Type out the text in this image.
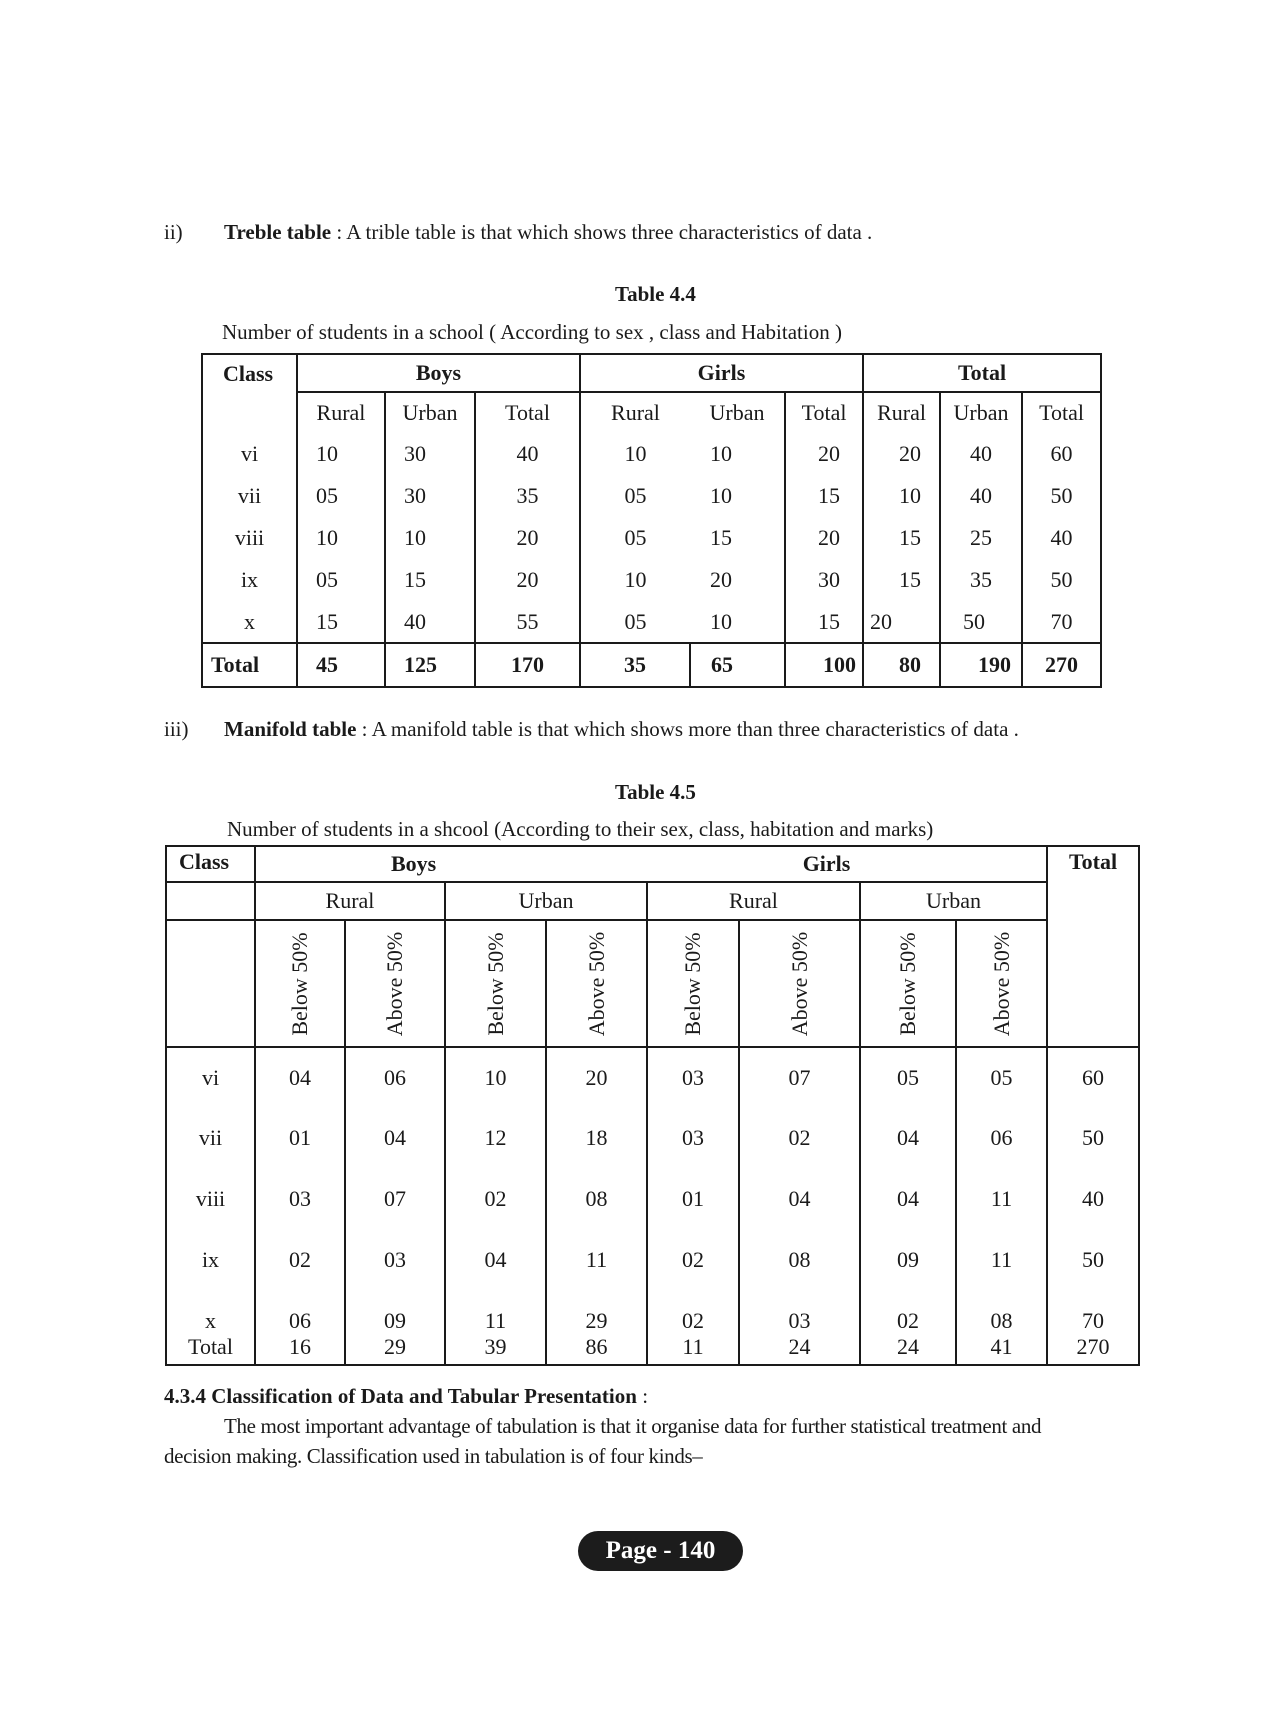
ii) Treble table : A trible table is that which shows three characteristics of data .
Table 4.4
Number of students in a school ( According to sex , class and Habitation )
Class	Boys			Girls			Total		
	Rural	Urban	Total	Rural	Urban	Total	Rural	Urban	Total
vi	10	30	40	10	10	20	20	40	60
vii	05	30	35	05	10	15	10	40	50
viii	10	10	20	05	15	20	15	25	40
ix	05	15	20	10	20	30	15	35	50
x	15	40	55	05	10	15	20	50	70
Total	45	125	170	35	65	100	80	190	270
iii) Manifold table : A manifold table is that which shows more than three characteristics of data .
Table 4.5
Number of students in a shcool (According to their sex, class, habitation and marks)
Class	Boys				Girls				Total
	Rural		Urban		Rural		Urban		

	Below 50%	Above 50%	Below 50%	Above 50%	Below 50%	Above 50%	Below 50%	Above 50%	

vi	04	06	10	20	03	07	05	05	60
vii	01	04	12	18	03	02	04	06	50
viii	03	07	02	08	01	04	04	11	40
ix	02	03	04	11	02	08	09	11	50
x	06	09	11	29	02	03	02	08	70
Total	16	29	39	86	11	24	24	41	270
4.3.4 Classification of Data and Tabular Presentation :
The most important advantage of tabulation is that it organise data for further statistical treatment and
decision making. Classification used in tabulation is of four kinds–
Page - 140
